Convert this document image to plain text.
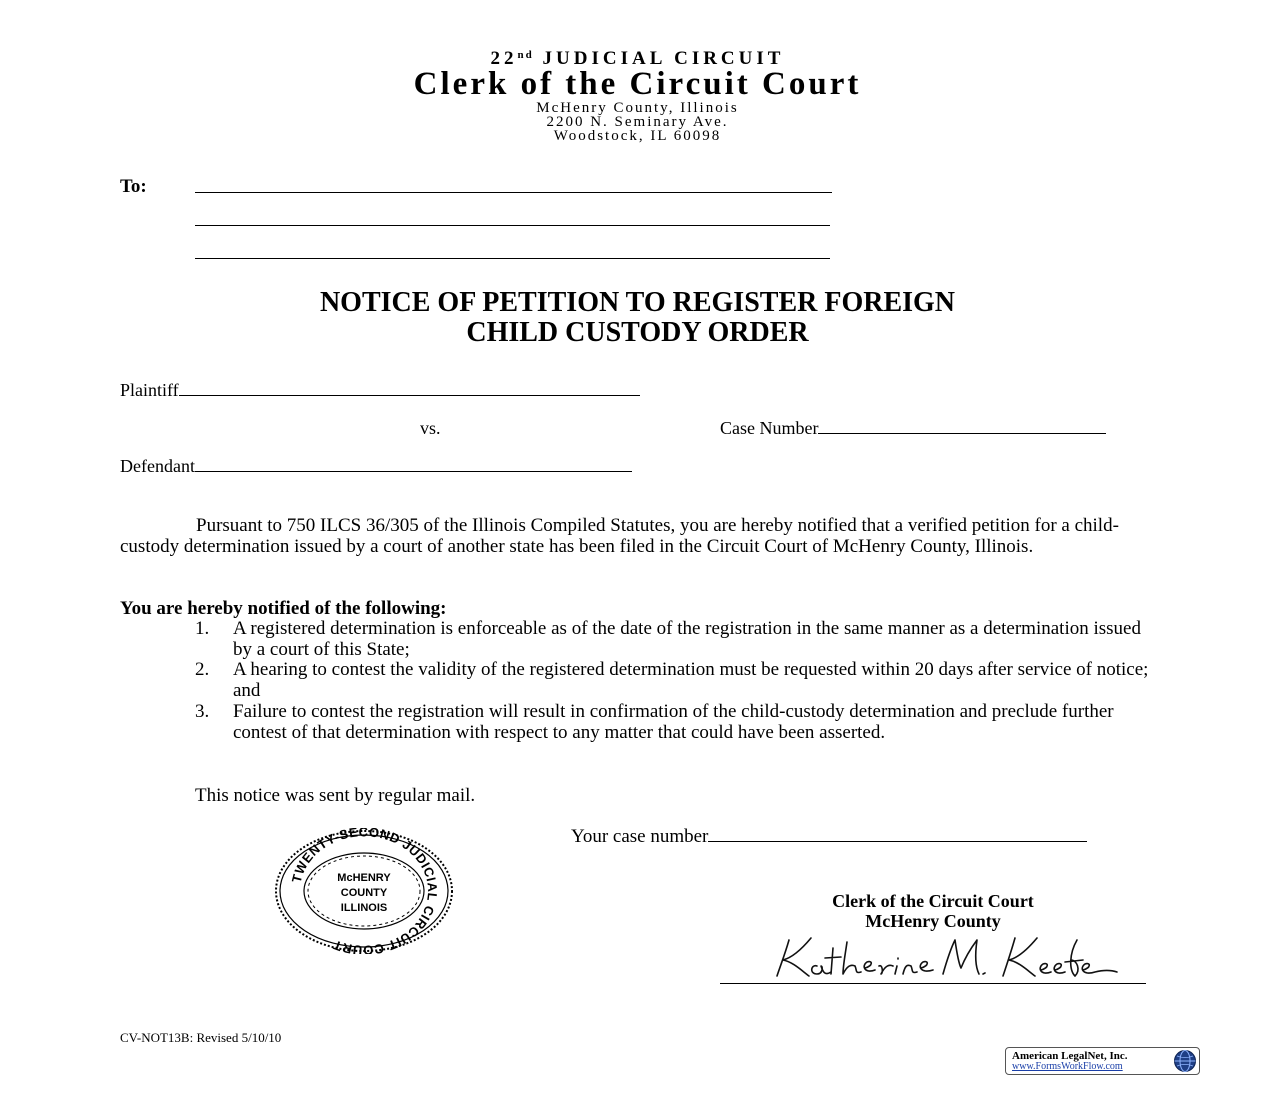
22nd JUDICIAL CIRCUIT
Clerk of the Circuit Court
McHenry County, Illinois
2200 N. Seminary Ave.
Woodstock, IL 60098
To:
NOTICE OF PETITION TO REGISTER FOREIGN
CHILD CUSTODY ORDER
Plaintiff
vs.	Case Number
Defendant
Pursuant to 750 ILCS 36/305 of the Illinois Compiled Statutes, you are hereby notified that a verified petition for a child-custody determination issued by a court of another state has been filed in the Circuit Court of McHenry County, Illinois.
You are hereby notified of the following:
1.	A registered determination is enforceable as of the date of the registration in the same manner as a determination issued by a court of this State;
2.	A hearing to contest the validity of the registered determination must be requested within 20 days after service of notice; and
3.	Failure to contest the registration will result in confirmation of the child-custody determination and preclude further contest of that determination with respect to any matter that could have been asserted.
This notice was sent by regular mail.
Your case number
TWENTY-SECOND JUDICIAL CIRCUIT COURT
McHENRY
COUNTY
ILLINOIS	Clerk of the Circuit Court
McHenry County
CV-NOT13B: Revised 5/10/10
American LegalNet, Inc.
www.FormsWorkFlow.com
